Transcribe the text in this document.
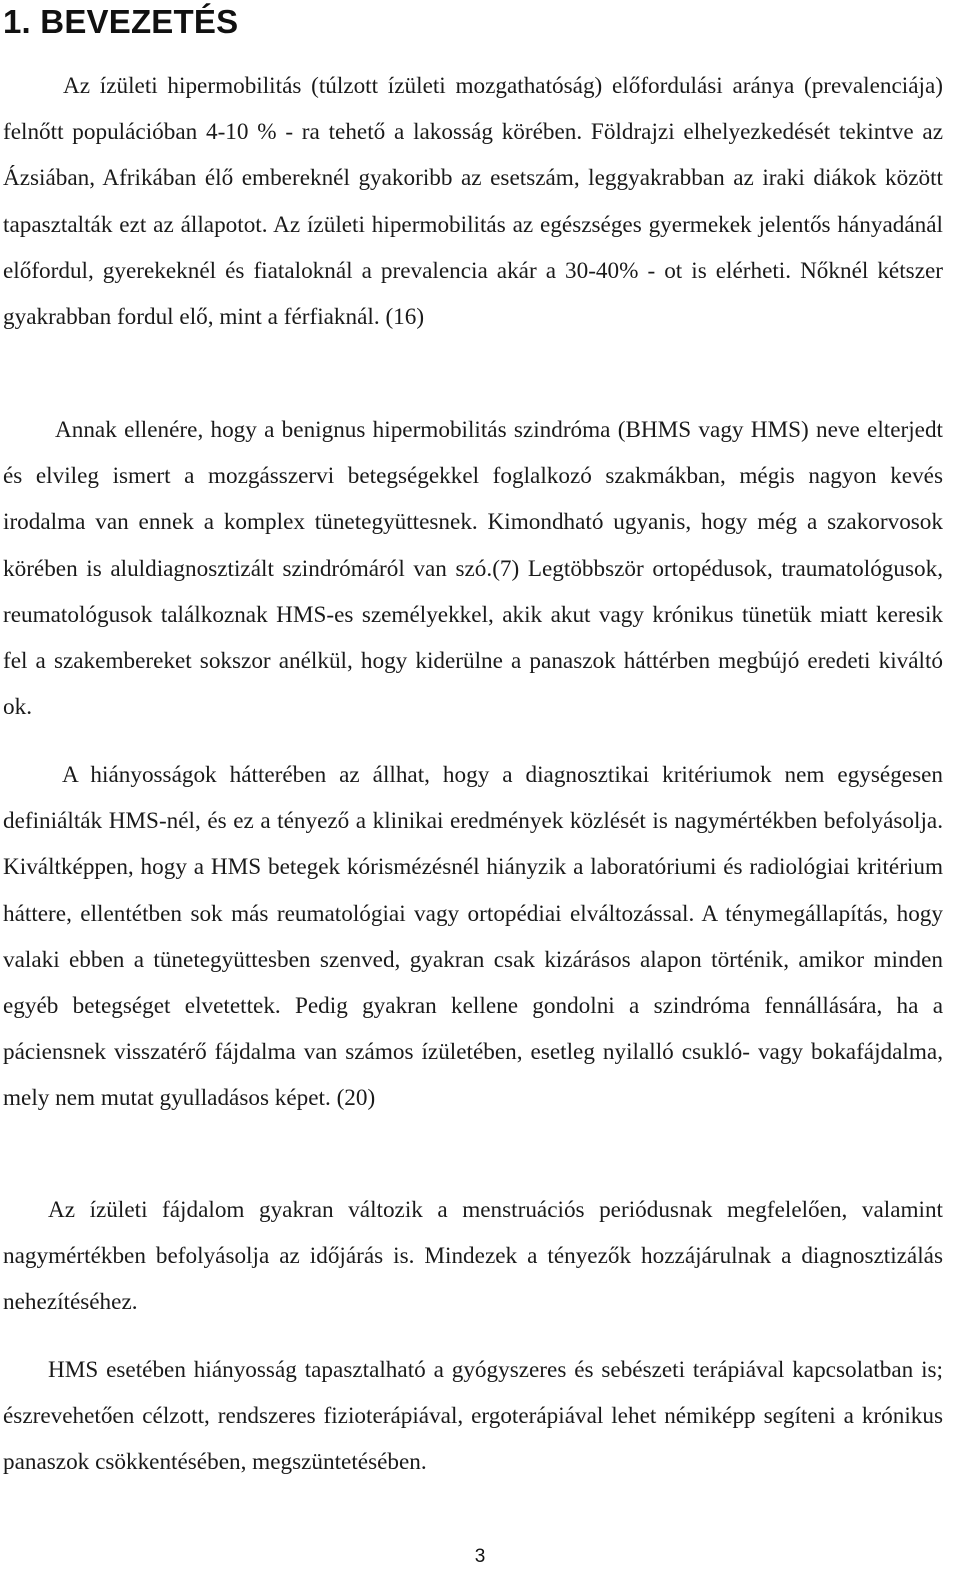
1. BEVEZETÉS

Az ízületi hipermobilitás (túlzott ízületi mozgathatóság) előfordulási aránya (prevalenciája) felnőtt populációban 4-10 % - ra tehető a lakosság körében. Földrajzi elhelyezkedését tekintve az Ázsiában, Afrikában élő embereknél gyakoribb az esetszám, leggyakrabban az iraki diákok között tapasztalták ezt az állapotot. Az ízületi hipermobilitás az egészséges gyermekek jelentős hányadánál előfordul, gyerekeknél és fiataloknál a prevalencia akár a 30-40% - ot is elérheti. Nőknél kétszer gyakrabban fordul elő, mint a férfiaknál. (16)

Annak ellenére, hogy a benignus hipermobilitás szindróma (BHMS vagy HMS) neve elterjedt és elvileg ismert a mozgásszervi betegségekkel foglalkozó szakmákban, mégis nagyon kevés irodalma van ennek a komplex tünetegyüttesnek. Kimondható ugyanis, hogy még a szakorvosok körében is aluldiagnosztizált szindrómáról van szó.(7) Legtöbbször ortopédusok, traumatológusok, reumatológusok találkoznak HMS-es személyekkel, akik akut vagy krónikus tünetük miatt keresik fel a szakembereket sokszor anélkül, hogy kiderülne a panaszok háttérben megbújó eredeti kiváltó ok.

A hiányosságok hátterében az állhat, hogy a diagnosztikai kritériumok nem egységesen definiálták HMS-nél, és ez a tényező a klinikai eredmények közlését is nagymértékben befolyásolja. Kiváltképpen, hogy a HMS betegek kórismézésnél hiányzik a laboratóriumi és radiológiai kritérium háttere, ellentétben sok más reumatológiai vagy ortopédiai elváltozással. A ténymegállapítás, hogy valaki ebben a tünetegyüttesben szenved, gyakran csak kizárásos alapon történik, amikor minden egyéb betegséget elvetettek. Pedig gyakran kellene gondolni a szindróma fennállására, ha a páciensnek visszatérő fájdalma van számos ízületében, esetleg nyilalló csukló- vagy bokafájdalma, mely nem mutat gyulladásos képet. (20)

Az ízületi fájdalom gyakran változik a menstruációs periódusnak megfelelően, valamint nagymértékben befolyásolja az időjárás is. Mindezek a tényezők hozzájárulnak a diagnosztizálás nehezítéséhez.

HMS esetében hiányosság tapasztalható a gyógyszeres és sebészeti terápiával kapcsolatban is; észrevehetően célzott, rendszeres fizioterápiával, ergoterápiával lehet némiképp segíteni a krónikus panaszok csökkentésében, megszüntetésében.

3
